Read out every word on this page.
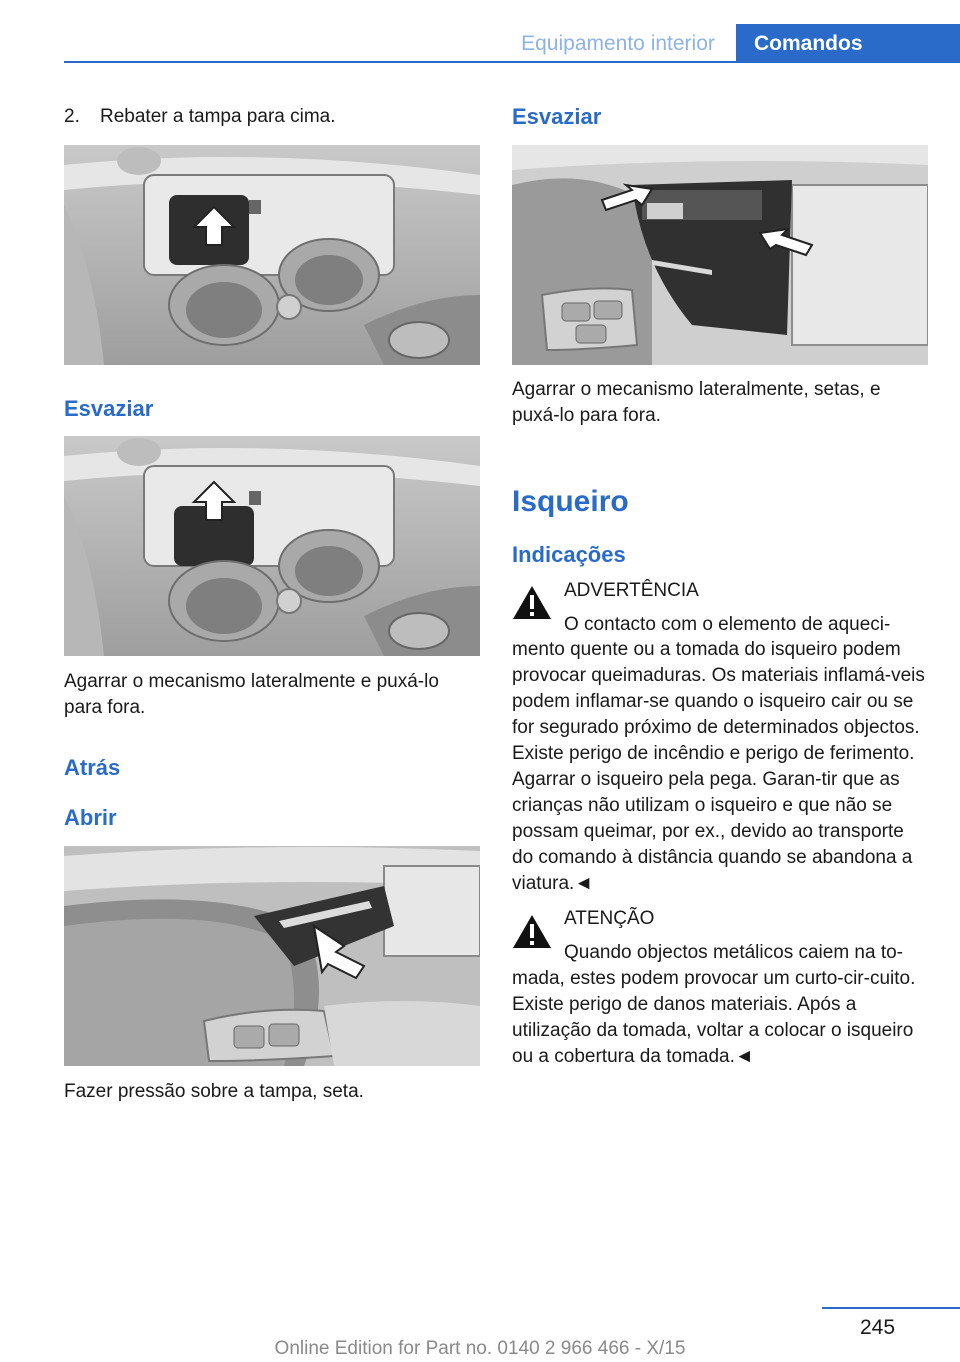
Equipamento interior	Comandos
2. Rebater a tampa para cima.
Esvaziar
Agarrar o mecanismo lateralmente e puxá-lo para fora.
Atrás
Abrir
Fazer pressão sobre a tampa, seta.
Esvaziar
Agarrar o mecanismo lateralmente, setas, e puxá-lo para fora.
Isqueiro
Indicações
ADVERTÊNCIA
O contacto com o elemento de aqueci-
mento quente ou a tomada do isqueiro podem provocar queimaduras. Os materiais inflamá-veis podem inflamar-se quando o isqueiro cair ou se for segurado próximo de determinados objectos. Existe perigo de incêndio e perigo de ferimento. Agarrar o isqueiro pela pega. Garan-tir que as crianças não utilizam o isqueiro e que não se possam queimar, por ex., devido ao transporte do comando à distância quando se abandona a viatura.◄
ATENÇÃO
Quando objectos metálicos caiem na to-
mada, estes podem provocar um curto-cir-cuito. Existe perigo de danos materiais. Após a utilização da tomada, voltar a colocar o isqueiro ou a cobertura da tomada.◄
245
Online Edition for Part no. 0140 2 966 466 - X/15
